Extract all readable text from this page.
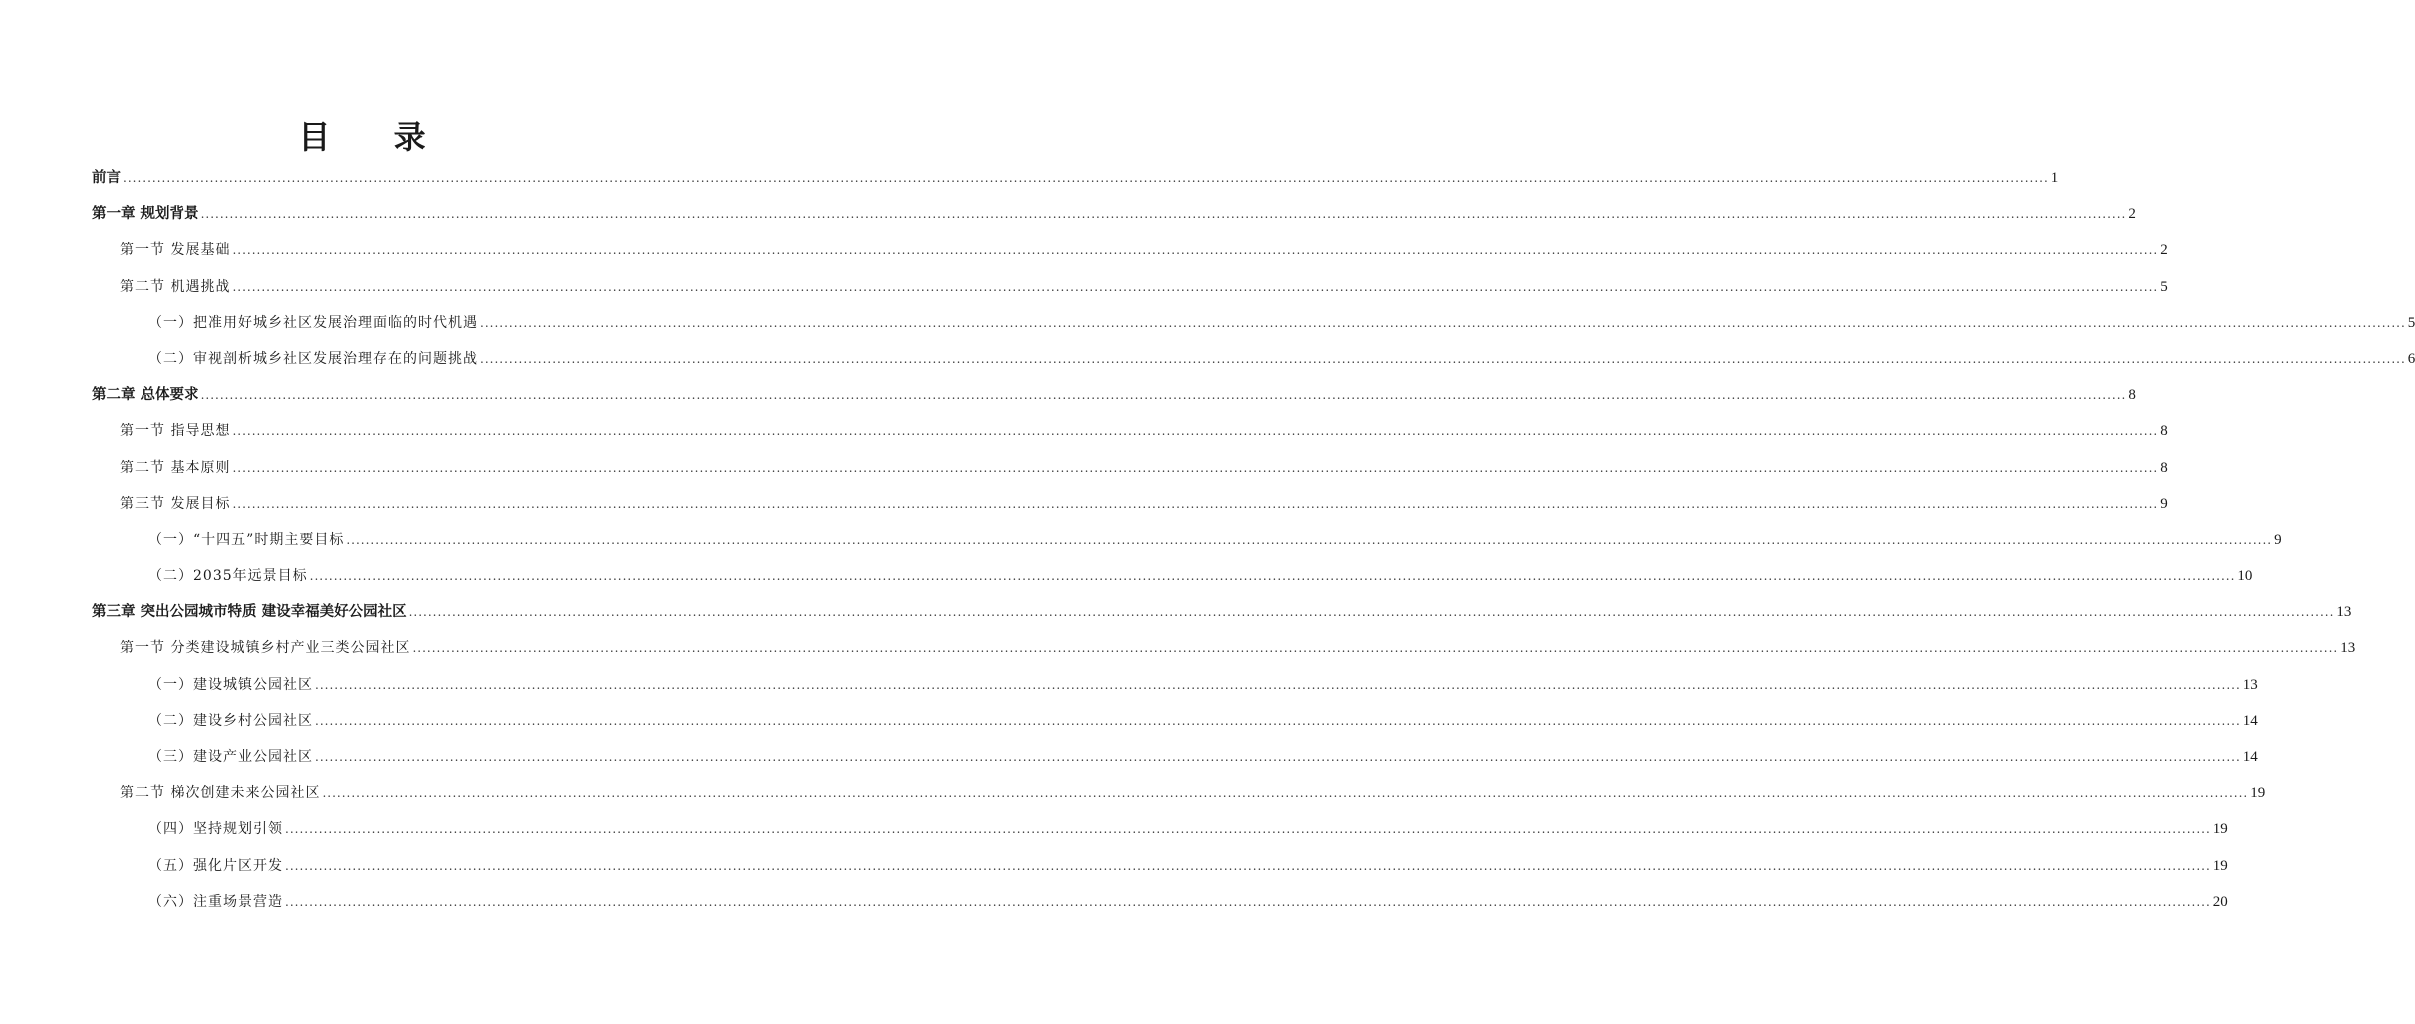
目 录
前言 ................................................................................................................................................................................................................................................................................................................................................................................................................ 1
第一章 规划背景 ................................................................................................................................................................................................................................................................................................................................................................................................................ 2
第一节 发展基础 ................................................................................................................................................................................................................................................................................................................................................................................................................ 2
第二节 机遇挑战 ................................................................................................................................................................................................................................................................................................................................................................................................................ 5
（一）把准用好城乡社区发展治理面临的时代机遇 ................................................................................................................................................................................................................................................................................................................................................................................................................ 5
（二）审视剖析城乡社区发展治理存在的问题挑战 ................................................................................................................................................................................................................................................................................................................................................................................................................ 6
第二章 总体要求 ................................................................................................................................................................................................................................................................................................................................................................................................................ 8
第一节 指导思想 ................................................................................................................................................................................................................................................................................................................................................................................................................ 8
第二节 基本原则 ................................................................................................................................................................................................................................................................................................................................................................................................................ 8
第三节 发展目标 ................................................................................................................................................................................................................................................................................................................................................................................................................ 9
（一）“十四五”时期主要目标 ................................................................................................................................................................................................................................................................................................................................................................................................................ 9
（二）2035年远景目标 ................................................................................................................................................................................................................................................................................................................................................................................................................ 10
第三章 突出公园城市特质 建设幸福美好公园社区 ................................................................................................................................................................................................................................................................................................................................................................................................................ 13
第一节 分类建设城镇乡村产业三类公园社区 ................................................................................................................................................................................................................................................................................................................................................................................................................ 13
（一）建设城镇公园社区 ................................................................................................................................................................................................................................................................................................................................................................................................................ 13
（二）建设乡村公园社区 ................................................................................................................................................................................................................................................................................................................................................................................................................ 14
（三）建设产业公园社区 ................................................................................................................................................................................................................................................................................................................................................................................................................ 14
第二节 梯次创建未来公园社区 ................................................................................................................................................................................................................................................................................................................................................................................................................ 19
（四）坚持规划引领 ................................................................................................................................................................................................................................................................................................................................................................................................................ 19
（五）强化片区开发 ................................................................................................................................................................................................................................................................................................................................................................................................................ 19
（六）注重场景营造 ................................................................................................................................................................................................................................................................................................................................................................................................................ 20
